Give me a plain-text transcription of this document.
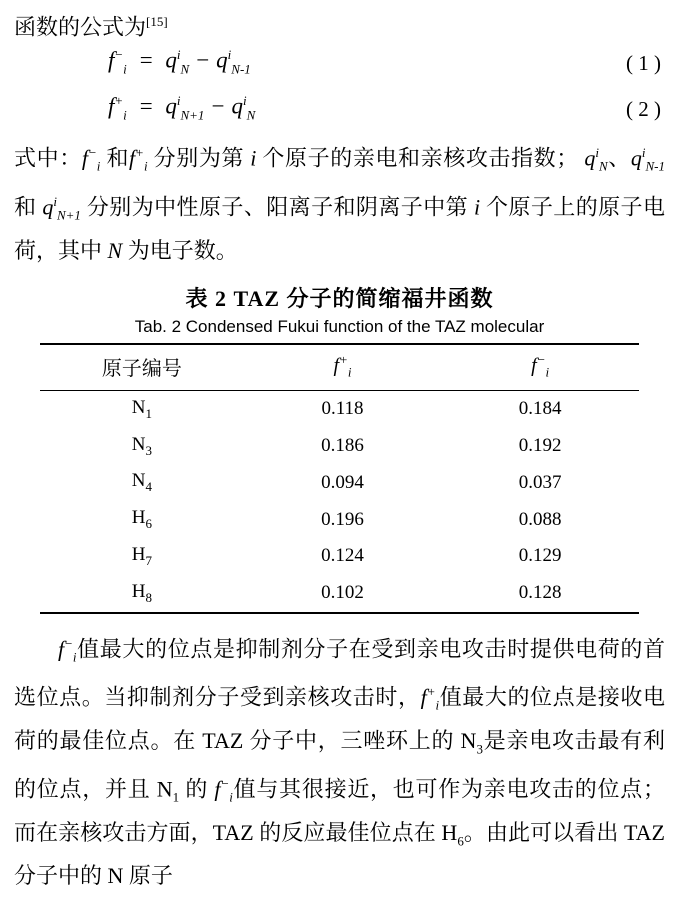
函数的公式为[15]
$f^-_i = q^i_N - q^i_{N-1}$	( 1 )
$f^+_i = q^i_{N+1} - q^i_N$	( 2 )
式中：$f^-_i$ 和$f^+_i$ 分别为第 i 个原子的亲电和亲核攻击指数； $q^i_N$、$q^i_{N-1}$ 和 $q^i_{N+1}$ 分别为中性原子、阳离子和阴离子中第 i 个原子上的原子电荷，其中 N 为电子数。
表 2 TAZ 分子的简缩福井函数
Tab. 2 Condensed Fukui function of the TAZ molecular
原子编号	$f^+_i$	$f^-_i$
$N_1$	0.118	0.184
$N_3$	0.186	0.192
$N_4$	0.094	0.037
$H_6$	0.196	0.088
$H_7$	0.124	0.129
$H_8$	0.102	0.128
$f^-_i$值最大的位点是抑制剂分子在受到亲电攻击时提供电荷的首选位点。当抑制剂分子受到亲核攻击时，$f^+_i$值最大的位点是接收电荷的最佳位点。在 TAZ 分子中，三唑环上的 $N_3$是亲电攻击最有利的位点，并且 $N_1$ 的 $f^-_i$值与其很接近，也可作为亲电攻击的位点；而在亲核攻击方面，TAZ 的反应最佳位点在 $H_6$。由此可以看出 TAZ 分子中的 N 原子
